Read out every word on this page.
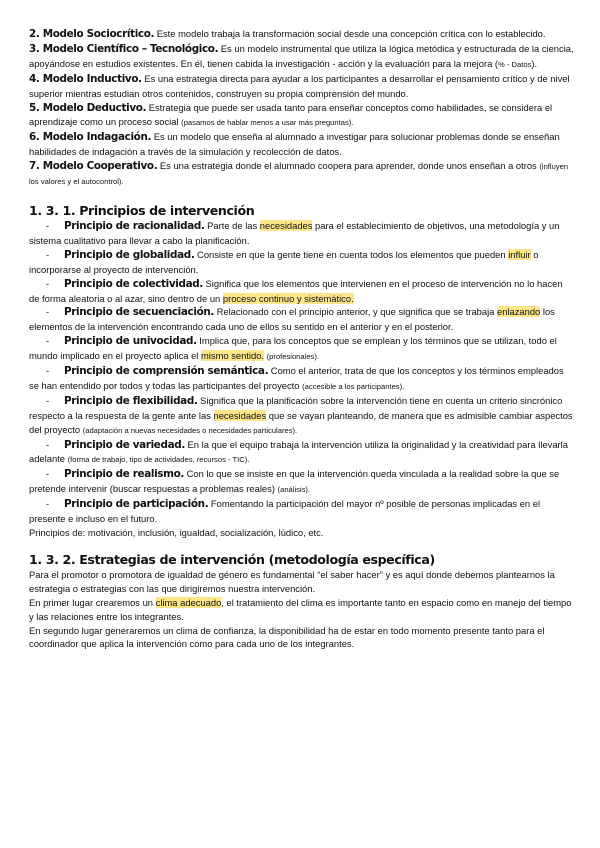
2. Modelo Sociocrítico. Este modelo trabaja la transformación social desde una concepción crítica con lo establecido.

3. Modelo Científico – Tecnológico. Es un modelo instrumental que utiliza la lógica metódica y estructurada de la ciencia, apoyándose en estudios existentes. En él, tienen cabida la investigación - acción y la evaluación para la mejora (% - Datos).

4. Modelo Inductivo. Es una estrategia directa para ayudar a los participantes a desarrollar el pensamiento crítico y de nivel superior mientras estudian otros contenidos, construyen su propia comprensión del mundo.

5. Modelo Deductivo. Estrategia que puede ser usada tanto para enseñar conceptos como habilidades, se considera el aprendizaje como un proceso social (pasamos de hablar menos a usar más preguntas).

6. Modelo Indagación. Es un modelo que enseña al alumnado a investigar para solucionar problemas donde se enseñan habilidades de indagación a través de la simulación y recolección de datos.

7. Modelo Cooperativo. Es una estrategia donde el alumnado coopera para aprender, donde unos enseñan a otros (influyen los valores y el autocontrol).

1. 3. 1. Principios de intervención

- Principio de racionalidad. Parte de las necesidades para el establecimiento de objetivos, una metodología y un sistema cualitativo para llevar a cabo la planificación.

- Principio de globalidad. Consiste en que la gente tiene en cuenta todos los elementos que pueden influir o incorporarse al proyecto de intervención.

- Principio de colectividad. Significa que los elementos que intervienen en el proceso de intervención no lo hacen de forma aleatoria o al azar, sino dentro de un proceso continuo y sistemático.

- Principio de secuenciación. Relacionado con el principio anterior, y que significa que se trabaja enlazando los elementos de la intervención encontrando cada uno de ellos su sentido en el anterior y en el posterior.

- Principio de univocidad. Implica que, para los conceptos que se emplean y los términos que se utilizan, todo el mundo implicado en el proyecto aplica el mismo sentido. (profesionales).

- Principio de comprensión semántica. Como el anterior, trata de que los conceptos y los términos empleados se han entendido por todos y todas las participantes del proyecto (accesible a los participantes).

- Principio de flexibilidad. Significa que la planificación sobre la intervención tiene en cuenta un criterio sincrónico respecto a la respuesta de la gente ante las necesidades que se vayan planteando, de manera que es admisible cambiar aspectos del proyecto (adaptación a nuevas necesidades o necesidades particulares).

- Principio de variedad. En la que el equipo trabaja la intervención utiliza la originalidad y la creatividad para llevarla adelante (forma de trabajo, tipo de actividades, recursos - TIC).

- Principio de realismo. Con lo que se insiste en que la intervención queda vinculada a la realidad sobre la que se pretende intervenir (buscar respuestas a problemas reales) (análisis).

- Principio de participación. Fomentando la participación del mayor nº posible de personas implicadas en el presente e incluso en el futuro.

Principios de: motivación, inclusión, igualdad, socialización, lúdico, etc.

1. 3. 2. Estrategias de intervención (metodología específica)

Para el promotor o promotora de igualdad de género es fundamental “el saber hacer” y es aquí donde debemos plantearnos la estrategia o estrategias con las que dirigiremos nuestra intervención.

En primer lugar crearemos un clima adecuado, el tratamiento del clima es importante tanto en espacio como en manejo del tiempo y las relaciones entre los integrantes.

En segundo lugar generaremos un clima de confianza, la disponibilidad ha de estar en todo momento presente tanto para el coordinador que aplica la intervención como para cada uno de los integrantes.
